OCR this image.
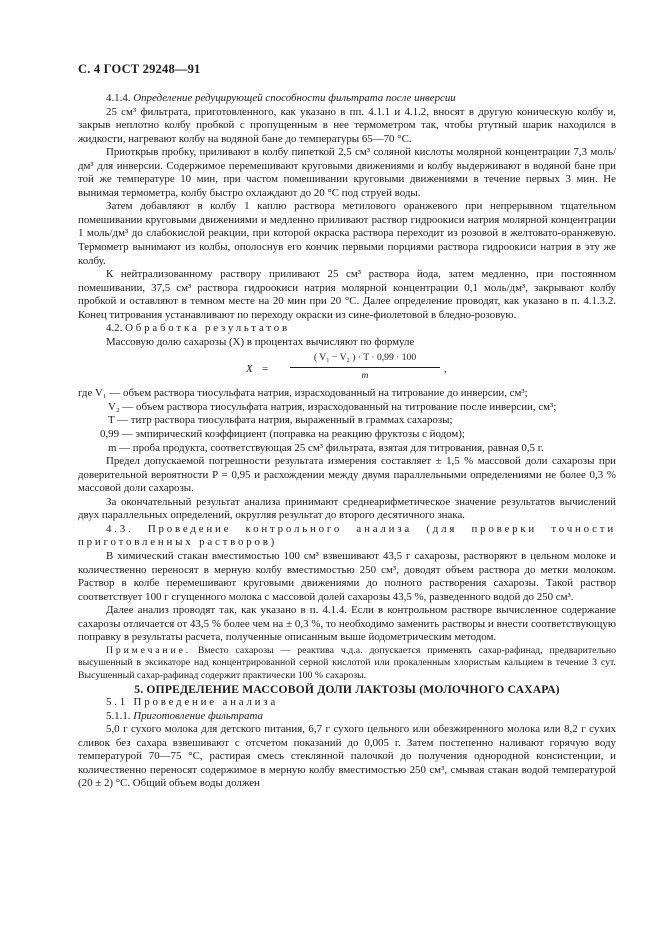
С. 4 ГОСТ 29248—91

4.1.4. Определение редуцирующей способности фильтрата после инверсии

25 см³ фильтрата, приготовленного, как указано в пп. 4.1.1 и 4.1.2, вносят в другую коническую колбу и, закрыв неплотно колбу пробкой с пропущенным в нее термометром так, чтобы ртутный шарик находился в жидкости, нагревают колбу на водяной бане до температуры 65—70 °С.

Приоткрыв пробку, приливают в колбу пипеткой 2,5 см³ соляной кислоты молярной концентрации 7,3 моль/дм³ для инверсии. Содержимое перемешивают круговыми движениями и колбу выдерживают в водяной бане при той же температуре 10 мин, при частом помешивании круговыми движениями в течение первых 3 мин. Не вынимая термометра, колбу быстро охлаждают до 20 °С под струей воды.

Затем добавляют в колбу 1 каплю раствора метилового оранжевого при непрерывном тщательном помешивании круговыми движениями и медленно приливают раствор гидроокиси натрия молярной концентрации 1 моль/дм³ до слабокислой реакции, при которой окраска раствора переходит из розовой в желтовато-оранжевую. Термометр вынимают из колбы, ополоснув его кончик первыми порциями раствора гидроокиси натрия в эту же колбу.

К нейтрализованному раствору приливают 25 см³ раствора йода, затем медленно, при постоянном помешивании, 37,5 см³ раствора гидроокиси натрия молярной концентрации 0,1 моль/дм³, закрывают колбу пробкой и оставляют в темном месте на 20 мин при 20 °С. Далее определение проводят, как указано в п. 4.1.3.2. Конец титрования устанавливают по переходу окраски из сине-фиолетовой в бледно-розовую.

4.2. Обработка результатов

Массовую долю сахарозы (X) в процентах вычисляют по формуле

$X = \frac{\text{( V₁ − V₂ ) · T · 0,99 · 100}}{m}$ ,

где V₁ — объем раствора тиосульфата натрия, израсходованный на титрование до инверсии, см³;

V₂ — объем раствора тиосульфата натрия, израсходованный на титрование после инверсии, см³;

T — титр раствора тиосульфата натрия, выраженный в граммах сахарозы;

0,99 — эмпирический коэффициент (поправка на реакцию фруктозы с йодом);

m — проба продукта, соответствующая 25 см³ фильтрата, взятая для титрования, равная 0,5 г.

Предел допускаемой погрешности результата измерения составляет ± 1,5 % массовой доли сахарозы при доверительной вероятности P = 0,95 и расхождении между двумя параллельными определениями не более 0,3 % массовой доли сахарозы.

За окончательный результат анализа принимают среднеарифметическое значение результатов вычислений двух параллельных определений, округляя результат до второго десятичного знака.

4.3. Проведение контрольного анализа (для проверки точности приготовленных растворов)

В химический стакан вместимостью 100 см³ взвешивают 43,5 г сахарозы, растворяют в цельном молоке и количественно переносят в мерную колбу вместимостью 250 см³, доводят объем раствора до метки молоком. Раствор в колбе перемешивают круговыми движениями до полного растворения сахарозы. Такой раствор соответствует 100 г сгущенного молока с массовой долей сахарозы 43,5 %, разведенного водой до 250 см³.

Далее анализ проводят так, как указано в п. 4.1.4. Если в контрольном растворе вычисленное содержание сахарозы отличается от 43,5 % более чем на ± 0,3 %, то необходимо заменить растворы и внести соответствующую поправку в результаты расчета, полученные описанным выше йодометрическим методом.

Примечание. Вместо сахарозы — реактива ч.д.а. допускается применять сахар-рафинад, предварительно высушенный в эксикаторе над концентрированной серной кислотой или прокаленным хлористым кальцием в течение 3 сут. Высушенный сахар-рафинад содержит практически 100 % сахарозы.

5. ОПРЕДЕЛЕНИЕ МАССОВОЙ ДОЛИ ЛАКТОЗЫ (МОЛОЧНОГО САХАРА)

5.1 Проведение анализа

5.1.1. Приготовление фильтрата

5,0 г сухого молока для детского питания, 6,7 г сухого цельного или обезжиренного молока или 8,2 г сухих сливок без сахара взвешивают с отсчетом показаний до 0,005 г. Затем постепенно наливают горячую воду температурой 70—75 °С, растирая смесь стеклянной палочкой до получения однородной консистенции, и количественно переносят содержимое в мерную колбу вместимостью 250 см³, смывая стакан водой температурой (20 ± 2) °С. Общий объем воды должен
